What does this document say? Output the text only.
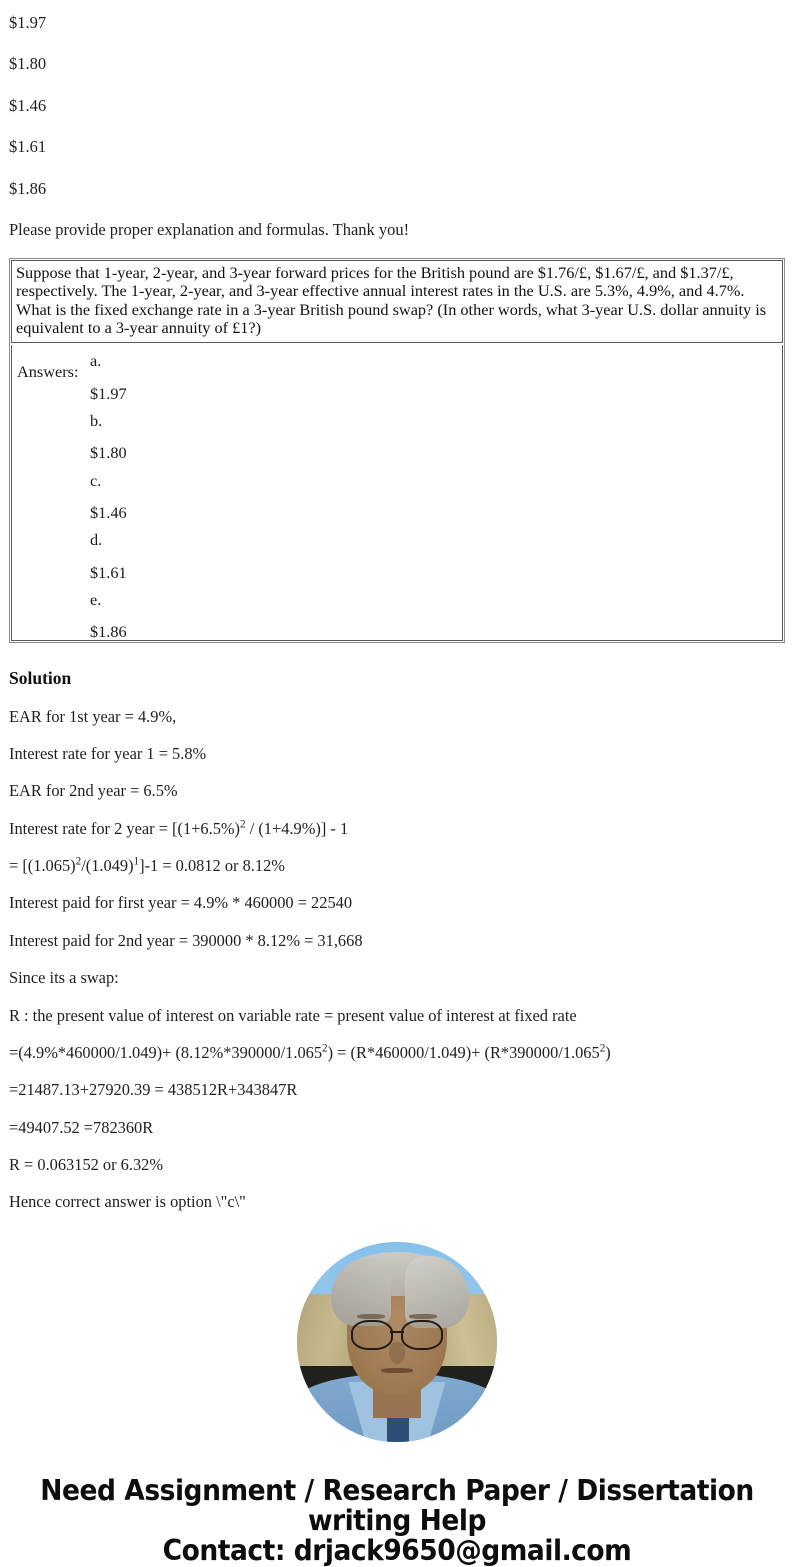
$1.97

$1.80

$1.46

$1.61

$1.86

Please provide proper explanation and formulas. Thank you!

Suppose that 1-year, 2-year, and 3-year forward prices for the British pound are $1.76/£, $1.67/£, and $1.37/£, respectively. The 1-year, 2-year, and 3-year effective annual interest rates in the U.S. are 5.3%, 4.9%, and 4.7%. What is the fixed exchange rate in a 3-year British pound swap? (In other words, what 3-year U.S. dollar annuity is equivalent to a 3-year annuity of £1?)

Answers:	

a.

$1.97

b.

$1.80

c.

$1.46

d.

$1.61

e.

$1.86

Solution

EAR for 1st year = 4.9%,

Interest rate for year 1 = 5.8%

EAR for 2nd year = 6.5%

Interest rate for 2 year = $[(1+6.5\%)^2 / (1+4.9\%)] - 1$

= $[(1.065)^2/(1.049)^1]-1 = 0.0812$ or 8.12%

Interest paid for first year = 4.9% * 460000 = 22540

Interest paid for 2nd year = 390000 * 8.12% = 31,668

Since its a swap:

R : the present value of interest on variable rate = present value of interest at fixed rate

$=(4.9\%*460000/1.049)+ (8.12\%*390000/1.065^2) = (R*460000/1.049)+ (R*390000/1.065^2)$

=21487.13+27920.39 = 438512R+343847R

=49407.52 =782360R

R = 0.063152 or 6.32%

Hence correct answer is option \"c\"

Need Assignment / Research Paper / Dissertation

writing Help

Contact: drjack9650@gmail.com
